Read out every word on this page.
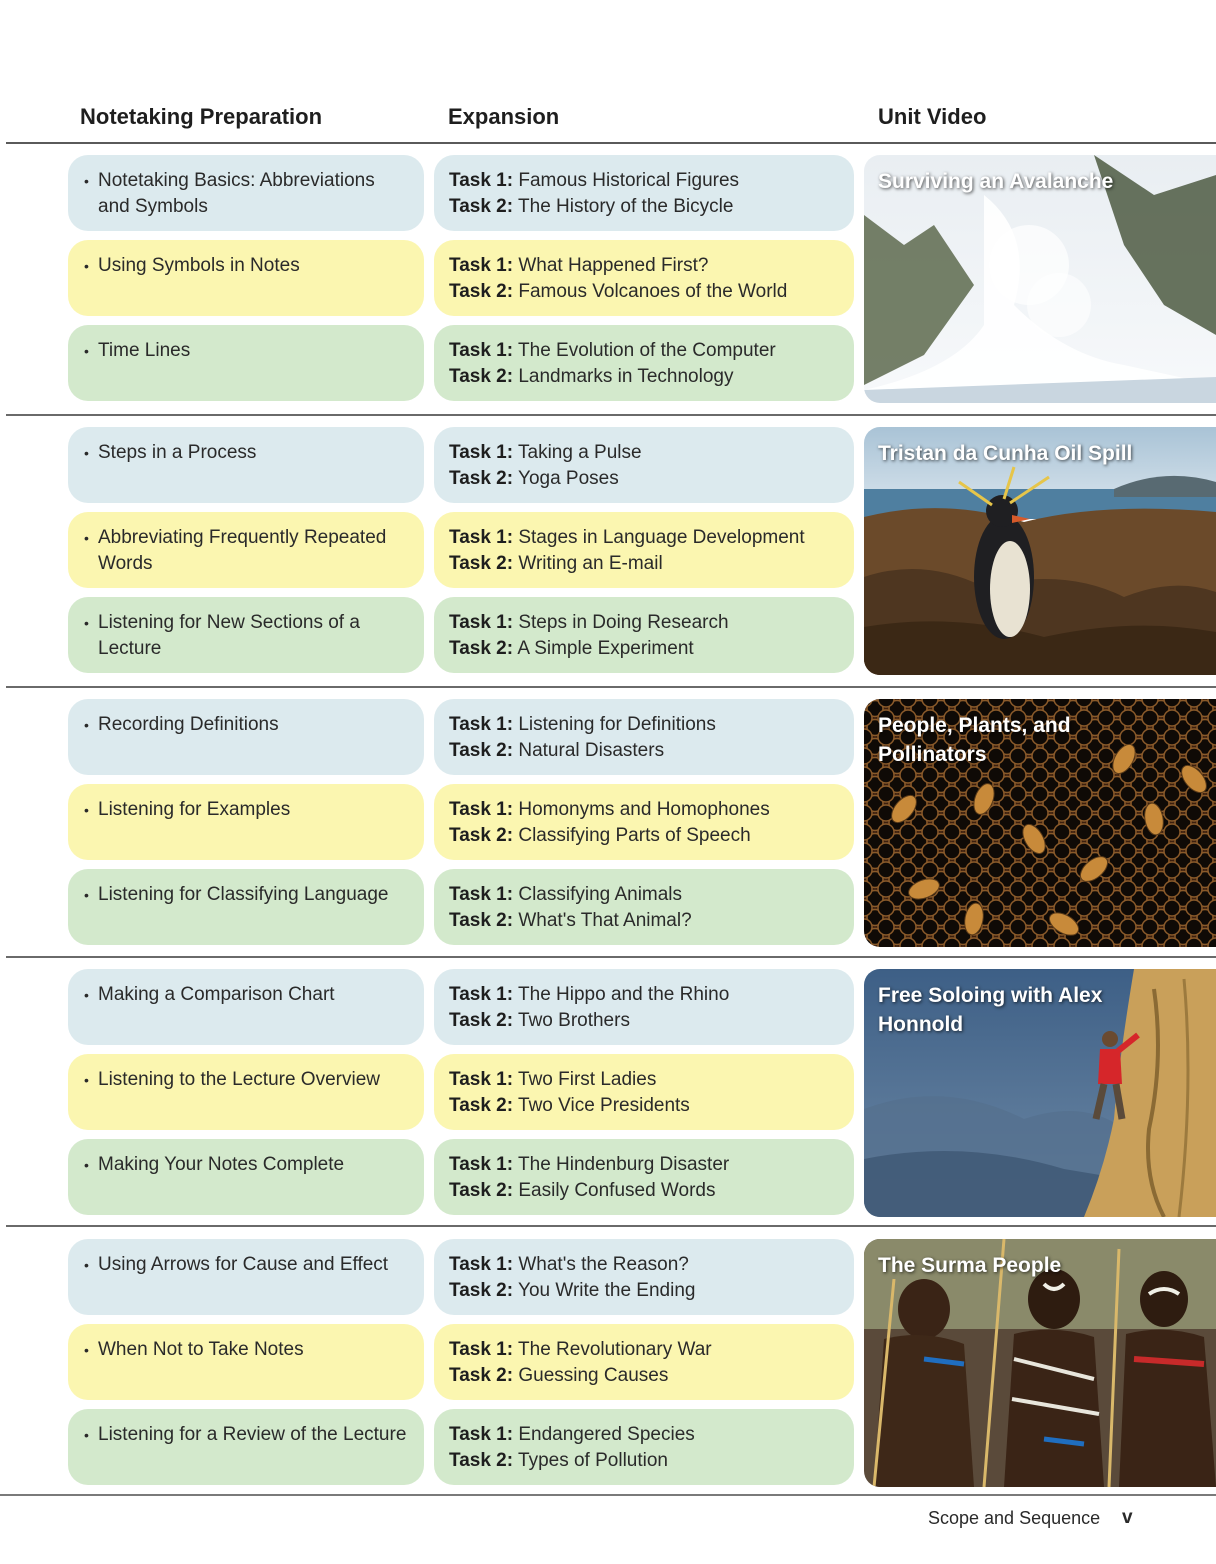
Notetaking Preparation	Expansion	Unit Video
• Notetaking Basics: Abbreviations and Symbols
• Using Symbols in Notes
• Time Lines
Task 1: Famous Historical Figures
Task 2: The History of the Bicycle
Task 1: What Happened First?
Task 2: Famous Volcanoes of the World
Task 1: The Evolution of the Computer
Task 2: Landmarks in Technology
Surviving an Avalanche
• Steps in a Process
• Abbreviating Frequently Repeated Words
• Listening for New Sections of a Lecture
Task 1: Taking a Pulse
Task 2: Yoga Poses
Task 1: Stages in Language Development
Task 2: Writing an E-mail
Task 1: Steps in Doing Research
Task 2: A Simple Experiment
Tristan da Cunha Oil Spill
• Recording Definitions
• Listening for Examples
• Listening for Classifying Language
Task 1: Listening for Definitions
Task 2: Natural Disasters
Task 1: Homonyms and Homophones
Task 2: Classifying Parts of Speech
Task 1: Classifying Animals
Task 2: What's That Animal?
People, Plants, and Pollinators
• Making a Comparison Chart
• Listening to the Lecture Overview
• Making Your Notes Complete
Task 1: The Hippo and the Rhino
Task 2: Two Brothers
Task 1: Two First Ladies
Task 2: Two Vice Presidents
Task 1: The Hindenburg Disaster
Task 2: Easily Confused Words
Free Soloing with Alex Honnold
• Using Arrows for Cause and Effect
• When Not to Take Notes
• Listening for a Review of the Lecture
Task 1: What's the Reason?
Task 2: You Write the Ending
Task 1: The Revolutionary War
Task 2: Guessing Causes
Task 1: Endangered Species
Task 2: Types of Pollution
The Surma People
Scope and Sequence v
